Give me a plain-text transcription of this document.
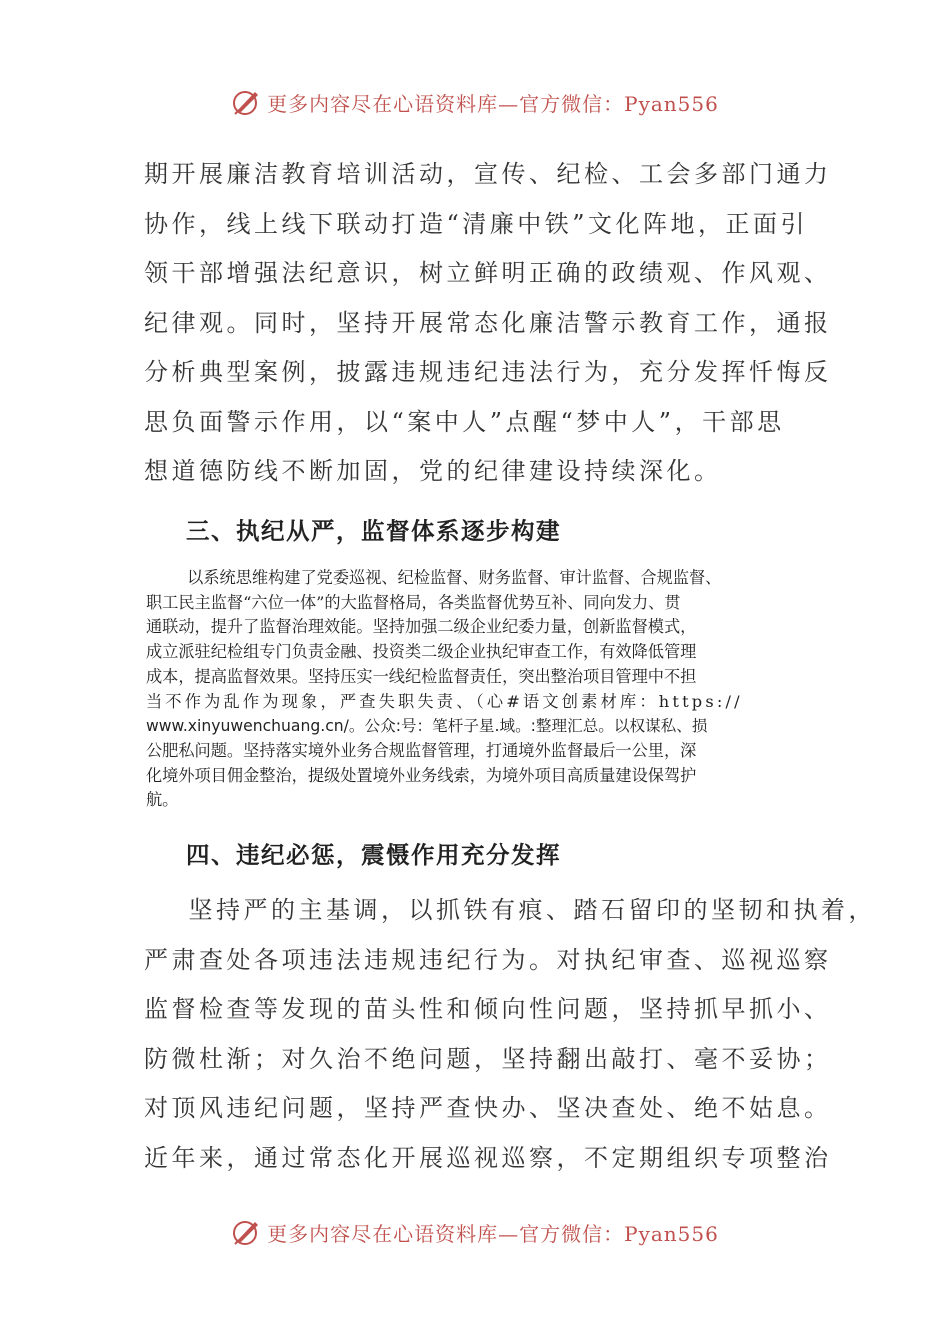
更多内容尽在心语资料库—官方微信：Pyan556
期开展廉洁教育培训活动，宣传、纪检、工会多部门通力
协作，线上线下联动打造“清廉中铁”文化阵地，正面引
领干部增强法纪意识，树立鲜明正确的政绩观、作风观、
纪律观。同时，坚持开展常态化廉洁警示教育工作，通报
分析典型案例，披露违规违纪违法行为，充分发挥忏悔反
思负面警示作用，以“案中人”点醒“梦中人”，干部思
想道德防线不断加固，党的纪律建设持续深化。
三、执纪从严，监督体系逐步构建
以系统思维构建了党委巡视、纪检监督、财务监督、审计监督、合规监督、
职工民主监督“六位一体”的大监督格局，各类监督优势互补、同向发力、贯
通联动，提升了监督治理效能。坚持加强二级企业纪委力量，创新监督模式，
成立派驻纪检组专门负责金融、投资类二级企业执纪审查工作，有效降低管理
成本，提高监督效果。坚持压实一线纪检监督责任，突出整治项目管理中不担
当不作为乱作为现象，严查失职失责、（心#语文创素材库：https://
www.xinyuwenchuang.cn/。公众:号：笔杆子星.域。:整理汇总。以权谋私、损
公肥私问题。坚持落实境外业务合规监督管理，打通境外监督最后一公里，深
化境外项目佣金整治，提级处置境外业务线索，为境外项目高质量建设保驾护
航。
四、违纪必惩，震慑作用充分发挥
坚持严的主基调，以抓铁有痕、踏石留印的坚韧和执着，
严肃查处各项违法违规违纪行为。对执纪审查、巡视巡察
监督检查等发现的苗头性和倾向性问题，坚持抓早抓小、
防微杜渐；对久治不绝问题，坚持翻出敲打、毫不妥协；
对顶风违纪问题，坚持严查快办、坚决查处、绝不姑息。
近年来，通过常态化开展巡视巡察，不定期组织专项整治
更多内容尽在心语资料库—官方微信：Pyan556
